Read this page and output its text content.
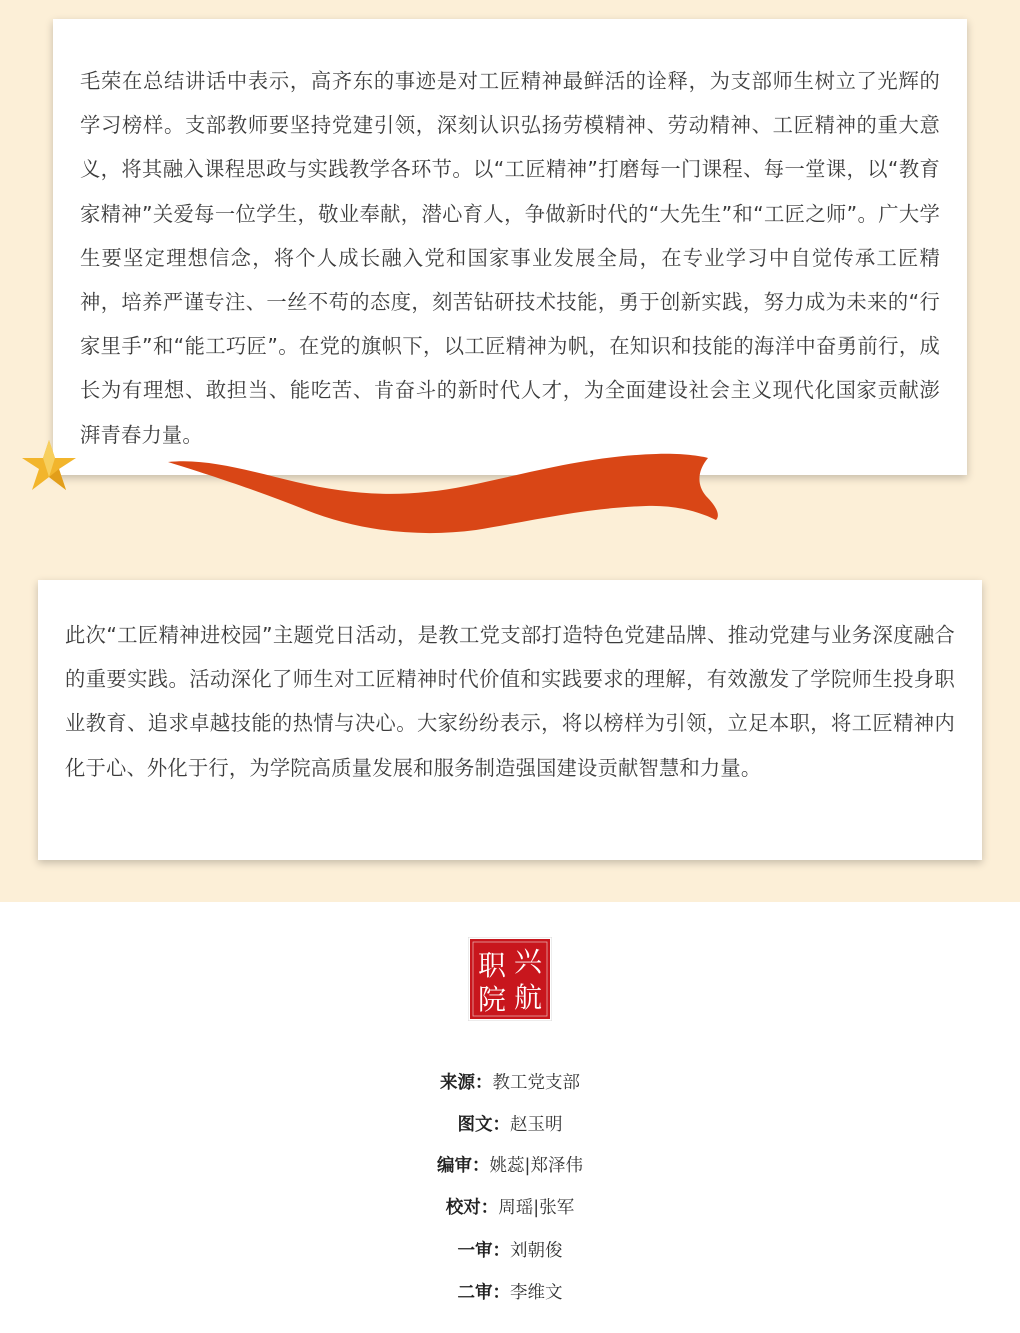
毛荣在总结讲话中表示，高齐东的事迹是对工匠精神最鲜活的诠释，为支部师生树立了光辉的学习榜样。支部教师要坚持党建引领，深刻认识弘扬劳模精神、劳动精神、工匠精神的重大意义，将其融入课程思政与实践教学各环节。以“工匠精神”打磨每一门课程、每一堂课，以“教育家精神”关爱每一位学生，敬业奉献，潜心育人，争做新时代的“大先生”和“工匠之师”。广大学生要坚定理想信念，将个人成长融入党和国家事业发展全局，在专业学习中自觉传承工匠精神，培养严谨专注、一丝不苟的态度，刻苦钻研技术技能，勇于创新实践，努力成为未来的“行家里手”和“能工巧匠”。在党的旗帜下，以工匠精神为帆，在知识和技能的海洋中奋勇前行，成长为有理想、敢担当、能吃苦、肯奋斗的新时代人才，为全面建设社会主义现代化国家贡献澎湃青春力量。

此次“工匠精神进校园”主题党日活动，是教工党支部打造特色党建品牌、推动党建与业务深度融合的重要实践。活动深化了师生对工匠精神时代价值和实践要求的理解，有效激发了学院师生投身职业教育、追求卓越技能的热情与决心。大家纷纷表示，将以榜样为引领，立足本职，将工匠精神内化于心、外化于行，为学院高质量发展和服务制造强国建设贡献智慧和力量。

兴
航
职
院
来源：教工党支部
图文：赵玉明
编审：姚蕊|郑泽伟
校对：周瑶|张军
一审：刘朝俊
二审：李维文
